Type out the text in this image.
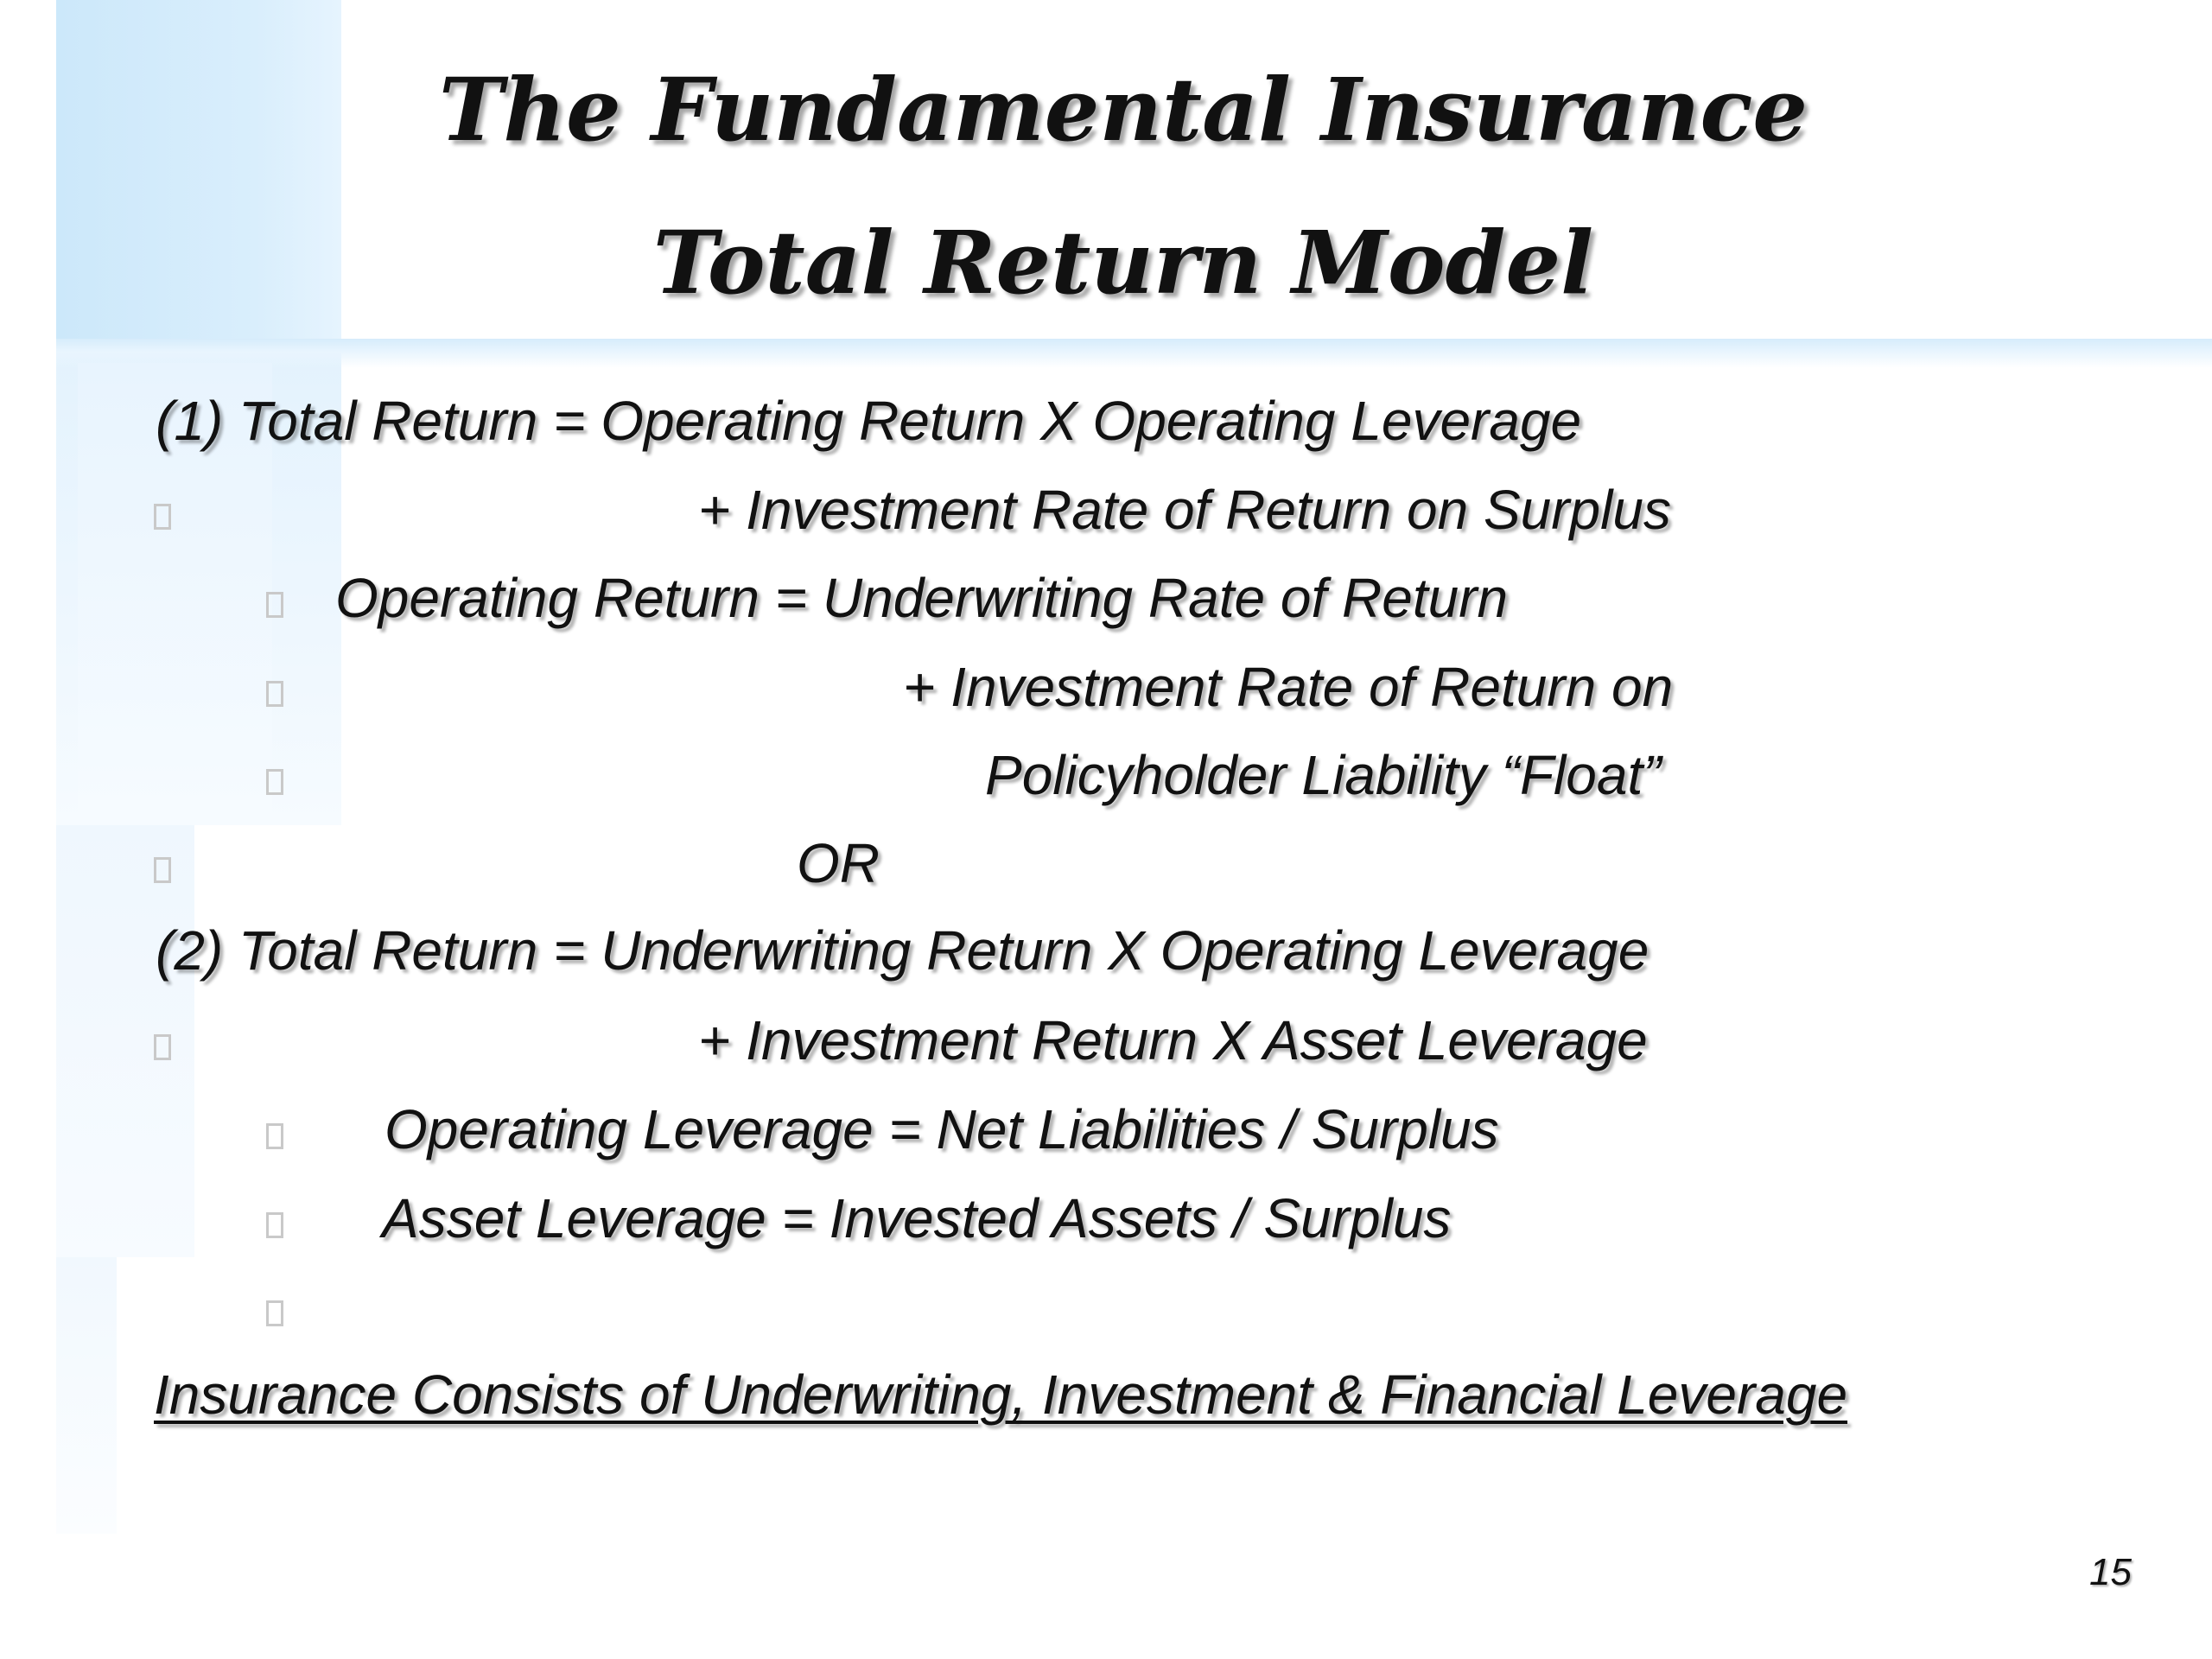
The Fundamental Insurance
Total Return Model
(1) Total Return = Operating Return X Operating Leverage
+ Investment Rate of Return on Surplus
Operating Return = Underwriting Rate of Return
+ Investment Rate of Return on
Policyholder Liability “Float”
OR
(2) Total Return = Underwriting Return X Operating Leverage
+ Investment Return X Asset Leverage
Operating Leverage = Net Liabilities / Surplus
Asset Leverage = Invested Assets / Surplus
Insurance Consists of Underwriting, Investment & Financial Leverage
15
